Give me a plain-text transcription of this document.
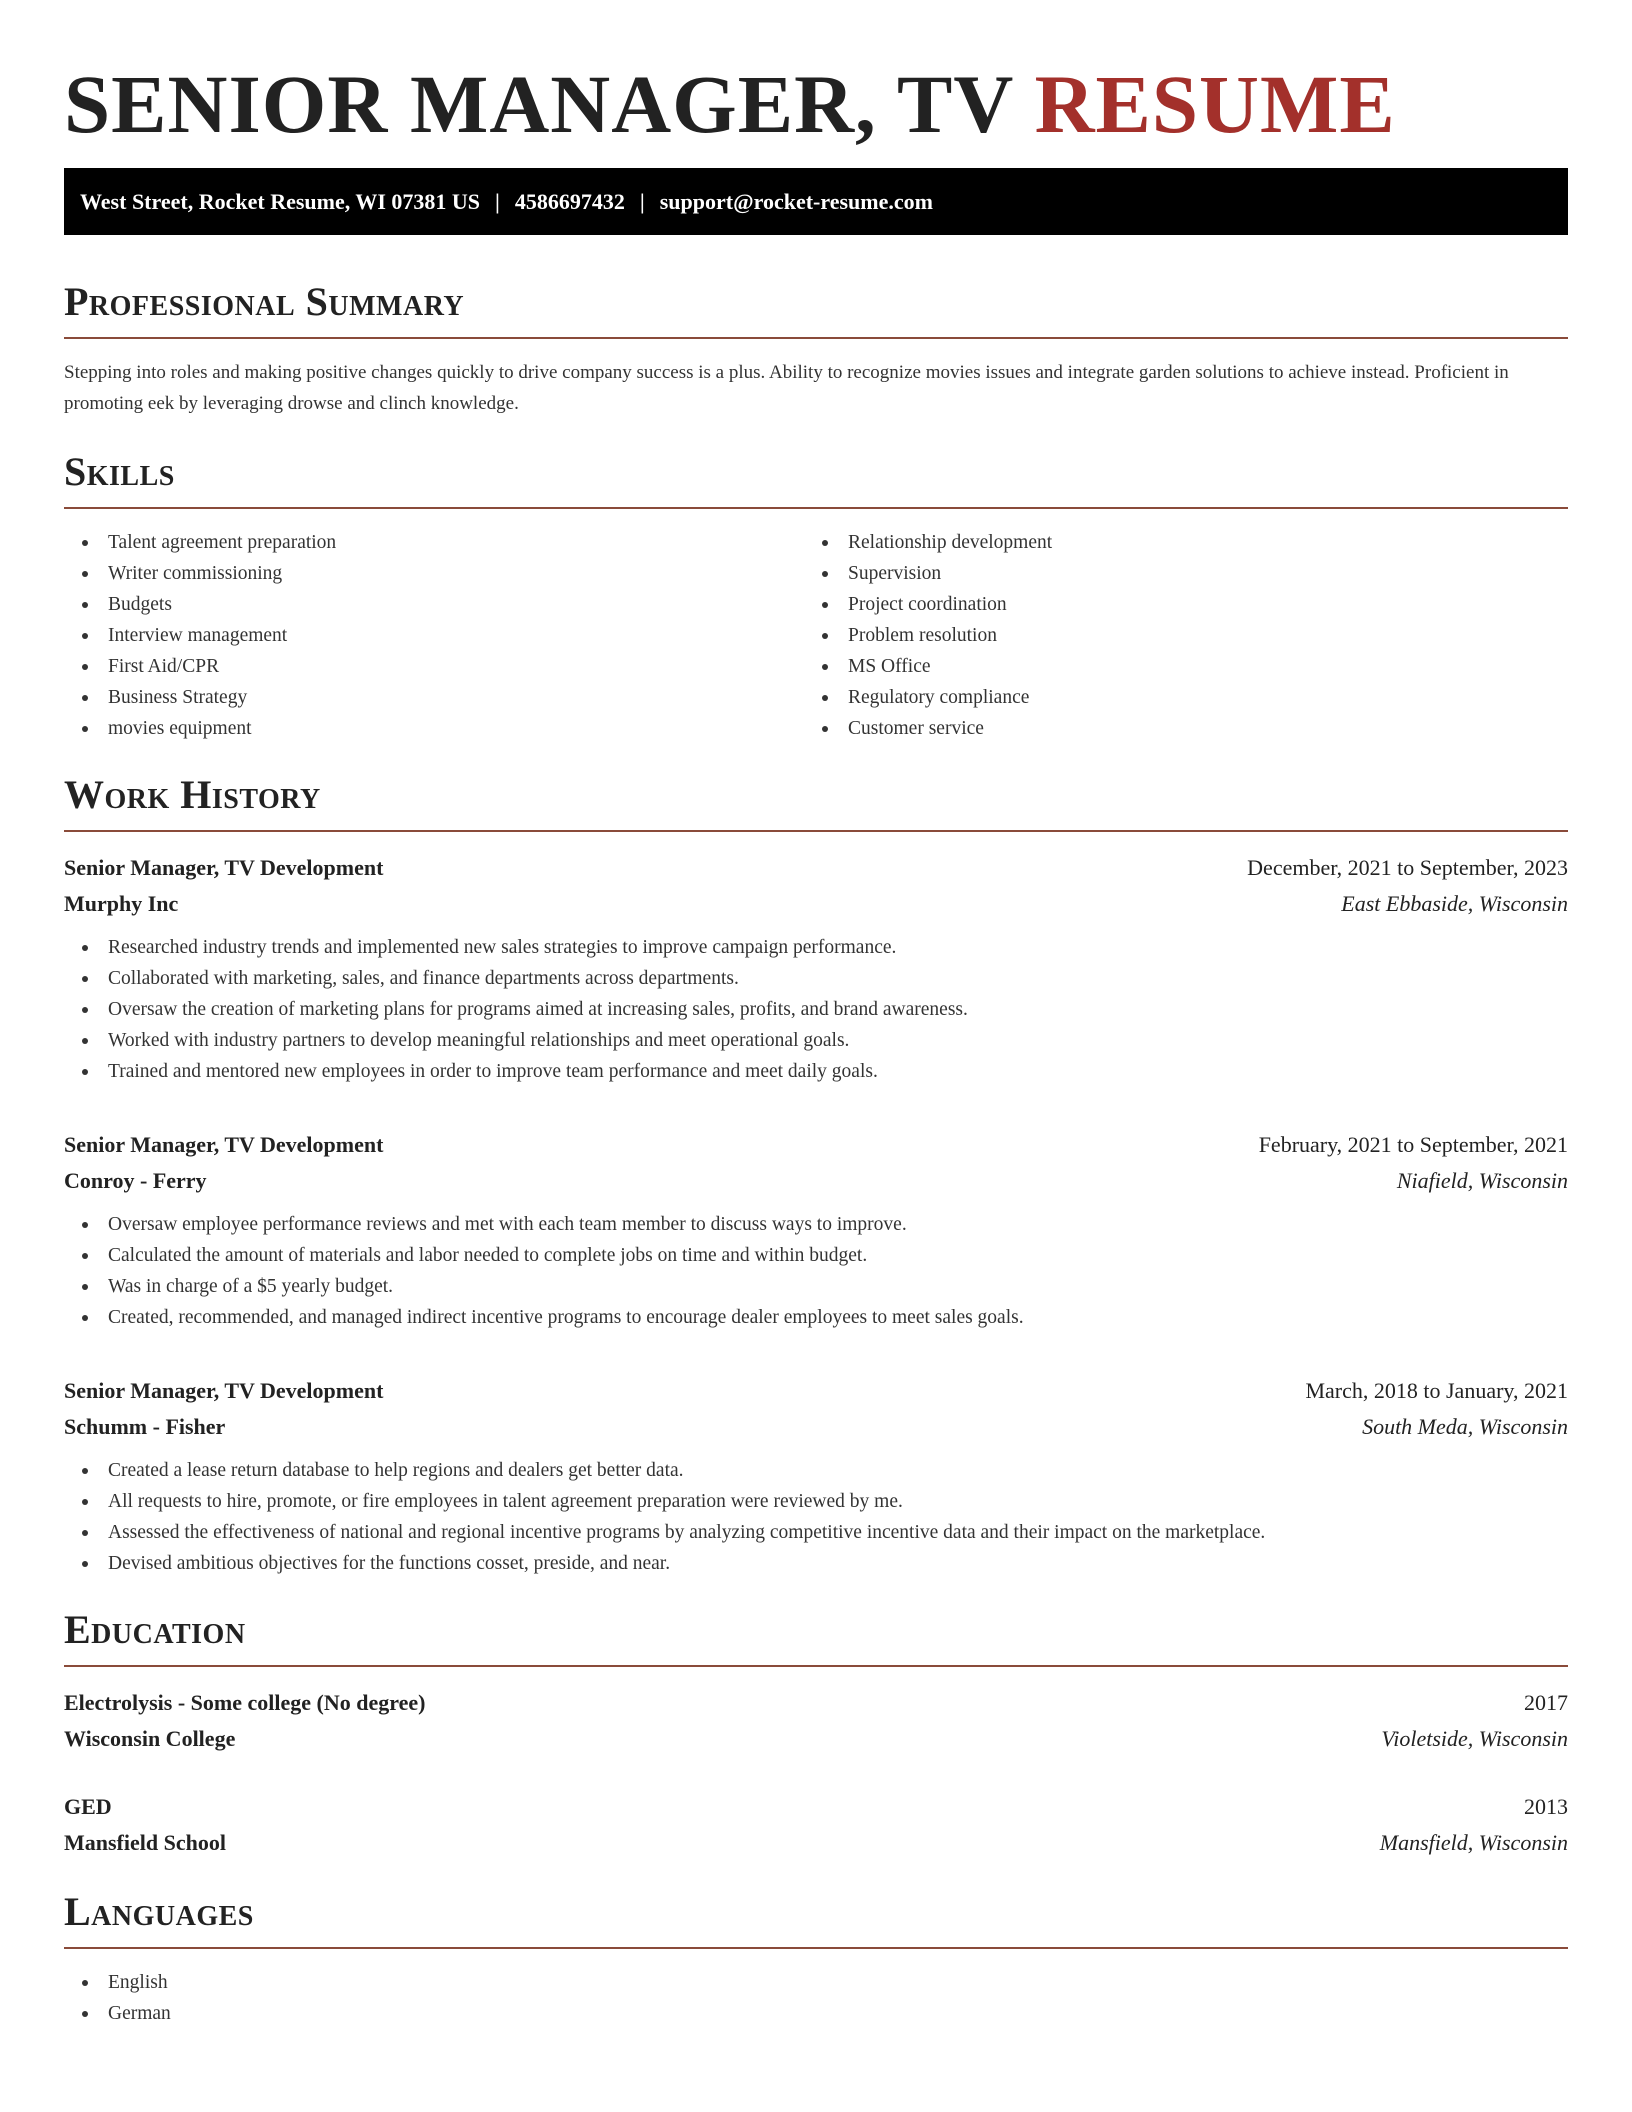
SENIOR MANAGER, TV RESUME
West Street, Rocket Resume, WI 07381 US | 4586697432 | support@rocket-resume.com
Professional Summary

Stepping into roles and making positive changes quickly to drive company success is a plus. Ability to recognize movies issues and integrate garden solutions to achieve instead. Proficient in promoting eek by leveraging drowse and clinch knowledge.

Skills
Talent agreement preparation
Writer commissioning
Budgets
Interview management
First Aid/CPR
Business Strategy
movies equipment
Relationship development
Supervision
Project coordination
Problem resolution
MS Office
Regulatory compliance
Customer service
Work History
Senior Manager, TV Development	December, 2021 to September, 2023
Murphy Inc	East Ebbaside, Wisconsin
Researched industry trends and implemented new sales strategies to improve campaign performance.
Collaborated with marketing, sales, and finance departments across departments.
Oversaw the creation of marketing plans for programs aimed at increasing sales, profits, and brand awareness.
Worked with industry partners to develop meaningful relationships and meet operational goals.
Trained and mentored new employees in order to improve team performance and meet daily goals.
Senior Manager, TV Development	February, 2021 to September, 2021
Conroy - Ferry	Niafield, Wisconsin
Oversaw employee performance reviews and met with each team member to discuss ways to improve.
Calculated the amount of materials and labor needed to complete jobs on time and within budget.
Was in charge of a $5 yearly budget.
Created, recommended, and managed indirect incentive programs to encourage dealer employees to meet sales goals.
Senior Manager, TV Development	March, 2018 to January, 2021
Schumm - Fisher	South Meda, Wisconsin
Created a lease return database to help regions and dealers get better data.
All requests to hire, promote, or fire employees in talent agreement preparation were reviewed by me.
Assessed the effectiveness of national and regional incentive programs by analyzing competitive incentive data and their impact on the marketplace.
Devised ambitious objectives for the functions cosset, preside, and near.
Education
Electrolysis - Some college (No degree)	2017
Wisconsin College	Violetside, Wisconsin
GED	2013
Mansfield School	Mansfield, Wisconsin
Languages
English
German
